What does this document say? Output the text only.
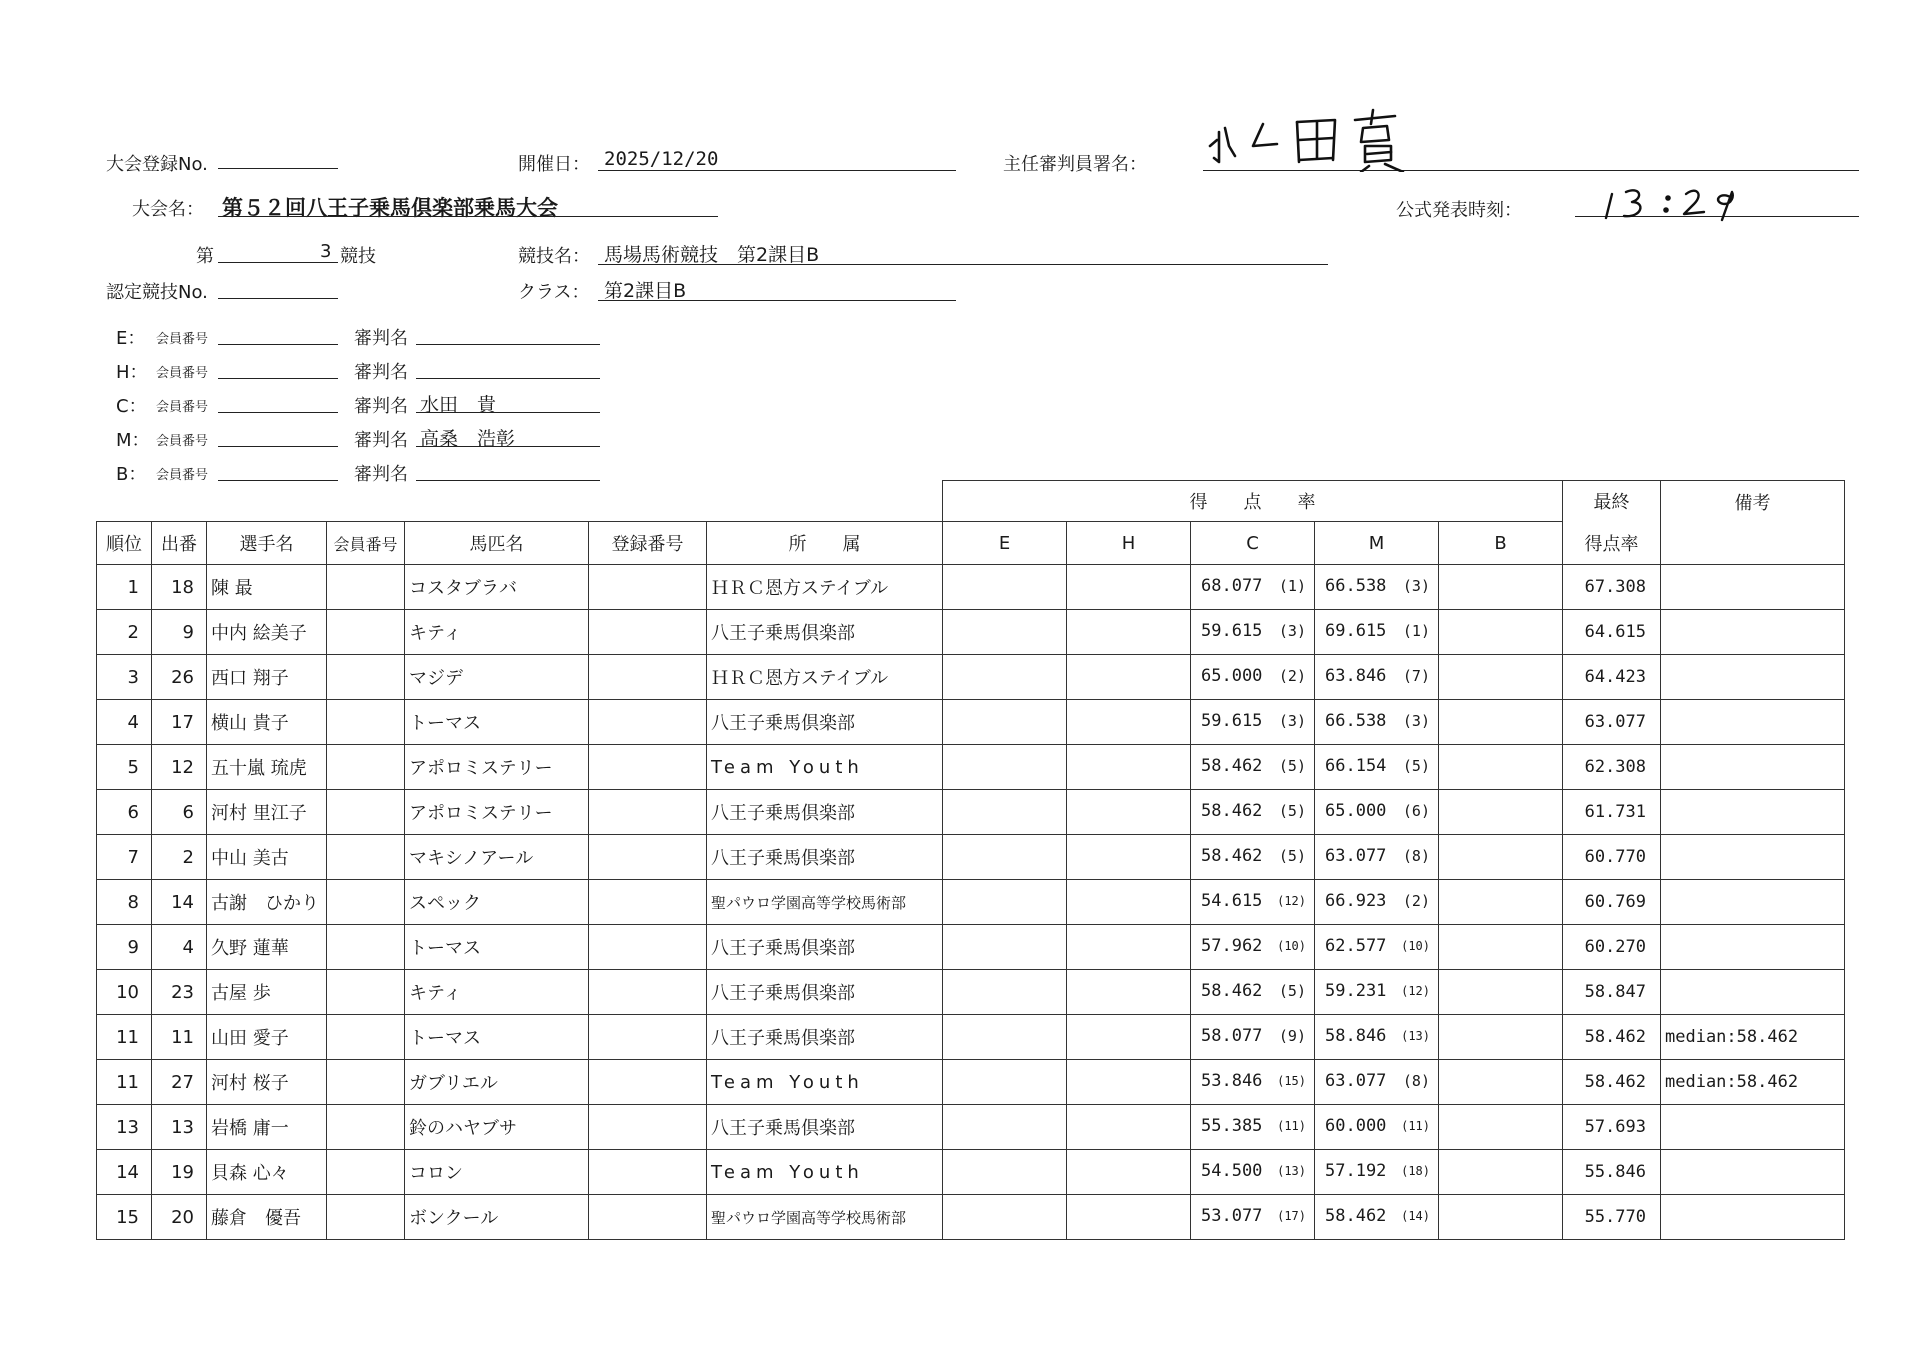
大会登録No.	開催日： 2025/12/20	主任審判員署名：
大会名： 第５２回八王子乗馬倶楽部乗馬大会	公式発表時刻：
第	3 競技	競技名： 馬場馬術競技　第2課目B
認定競技No.	クラス： 第2課目B
E： 会員番号	審判名
H： 会員番号	審判名
C： 会員番号	審判名 水田　貴
M： 会員番号	審判名 高桑　浩彰
B： 会員番号	審判名
							得　　点　　率					最終	備考
順位	出番	選手名	会員番号	馬匹名	登録番号	所　　属	E	H	C	M	B	得点率	
1	18	陳 最		コスタブラバ		ＨＲＣ恩方ステイブル			68.077 (1)	66.538 (3)		67.308	
2	9	中内 絵美子		キティ		八王子乗馬倶楽部			59.615 (3)	69.615 (1)		64.615	
3	26	西口 翔子		マジデ		ＨＲＣ恩方ステイブル			65.000 (2)	63.846 (7)		64.423	
4	17	横山 貴子		トーマス		八王子乗馬倶楽部			59.615 (3)	66.538 (3)		63.077	
5	12	五十嵐 琉虎		アポロミステリー		Team Youth			58.462 (5)	66.154 (5)		62.308	
6	6	河村 里江子		アポロミステリー		八王子乗馬倶楽部			58.462 (5)	65.000 (6)		61.731	
7	2	中山 美古		マキシノアール		八王子乗馬倶楽部			58.462 (5)	63.077 (8)		60.770	
8	14	古謝　ひかり		スペック		聖パウロ学園高等学校馬術部			54.615 (12)	66.923 (2)		60.769	
9	4	久野 蓮華		トーマス		八王子乗馬倶楽部			57.962 (10)	62.577 (10)		60.270	
10	23	古屋 歩		キティ		八王子乗馬倶楽部			58.462 (5)	59.231 (12)		58.847	
11	11	山田 愛子		トーマス		八王子乗馬倶楽部			58.077 (9)	58.846 (13)		58.462	median:58.462
11	27	河村 桜子		ガブリエル		Team Youth			53.846 (15)	63.077 (8)		58.462	median:58.462
13	13	岩橋 庸一		鈴のハヤブサ		八王子乗馬倶楽部			55.385 (11)	60.000 (11)		57.693	
14	19	貝森 心々		コロン		Team Youth			54.500 (13)	57.192 (18)		55.846	
15	20	藤倉　優吾		ボンクール		聖パウロ学園高等学校馬術部			53.077 (17)	58.462 (14)		55.770	
